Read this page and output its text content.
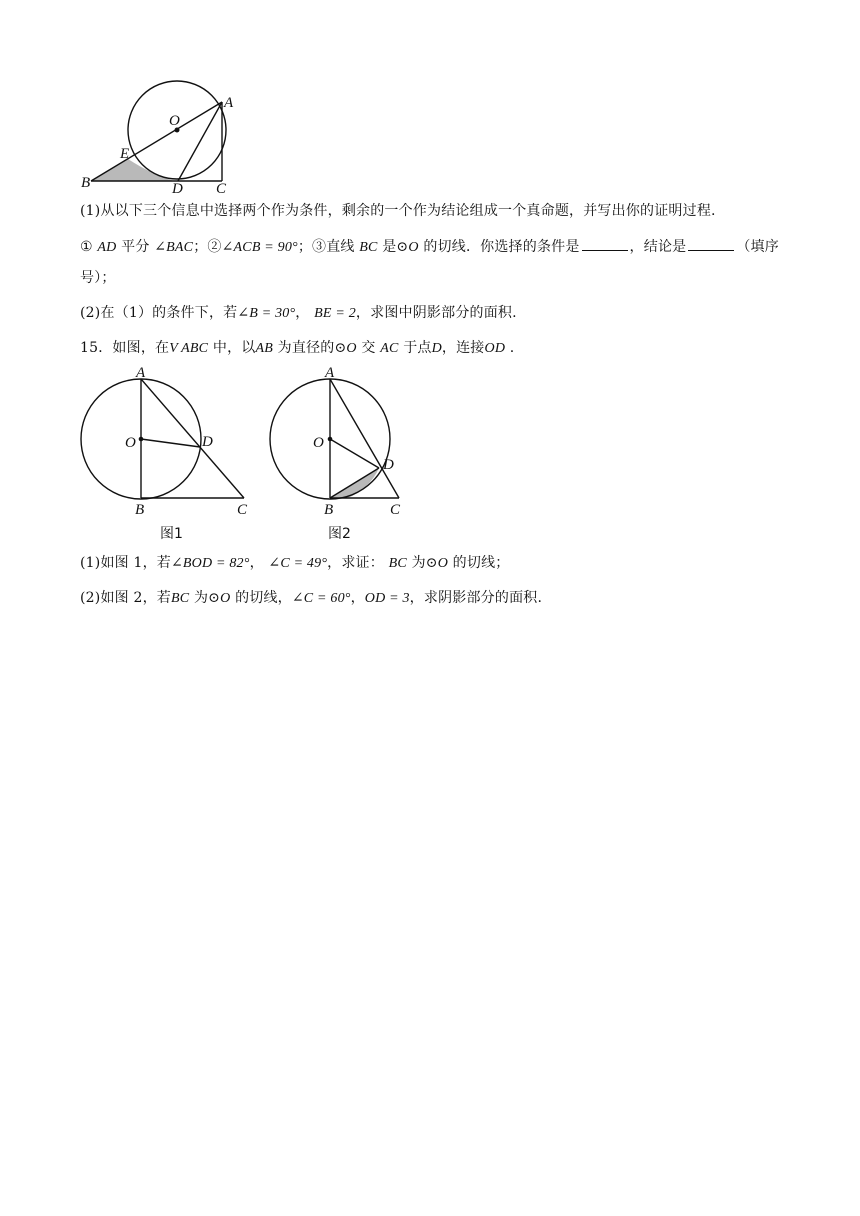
O
A
E
B	D C
(1)从以下三个信息中选择两个作为条件，剩余的一个作为结论组成一个真命题，并写出你的证明过程.
① AD 平分 ∠BAC；②∠ACB = 90°；③直线 BC 是⊙O 的切线．你选择的条件是	，结论是	（填序
号）；
(2)在（1）的条件下，若∠B = 30°， BE = 2，求图中阴影部分的面积.
15．如图，在V ABC 中，以AB 为直径的⊙O 交 AC 于点D，连接OD .
A
O	D
B	C
图1
A
O
D
B	C
图2
(1)如图 1，若∠BOD = 82°， ∠C = 49°，求证： BC 为⊙O 的切线；
(2)如图 2，若BC 为⊙O 的切线，∠C = 60°，OD = 3，求阴影部分的面积.
